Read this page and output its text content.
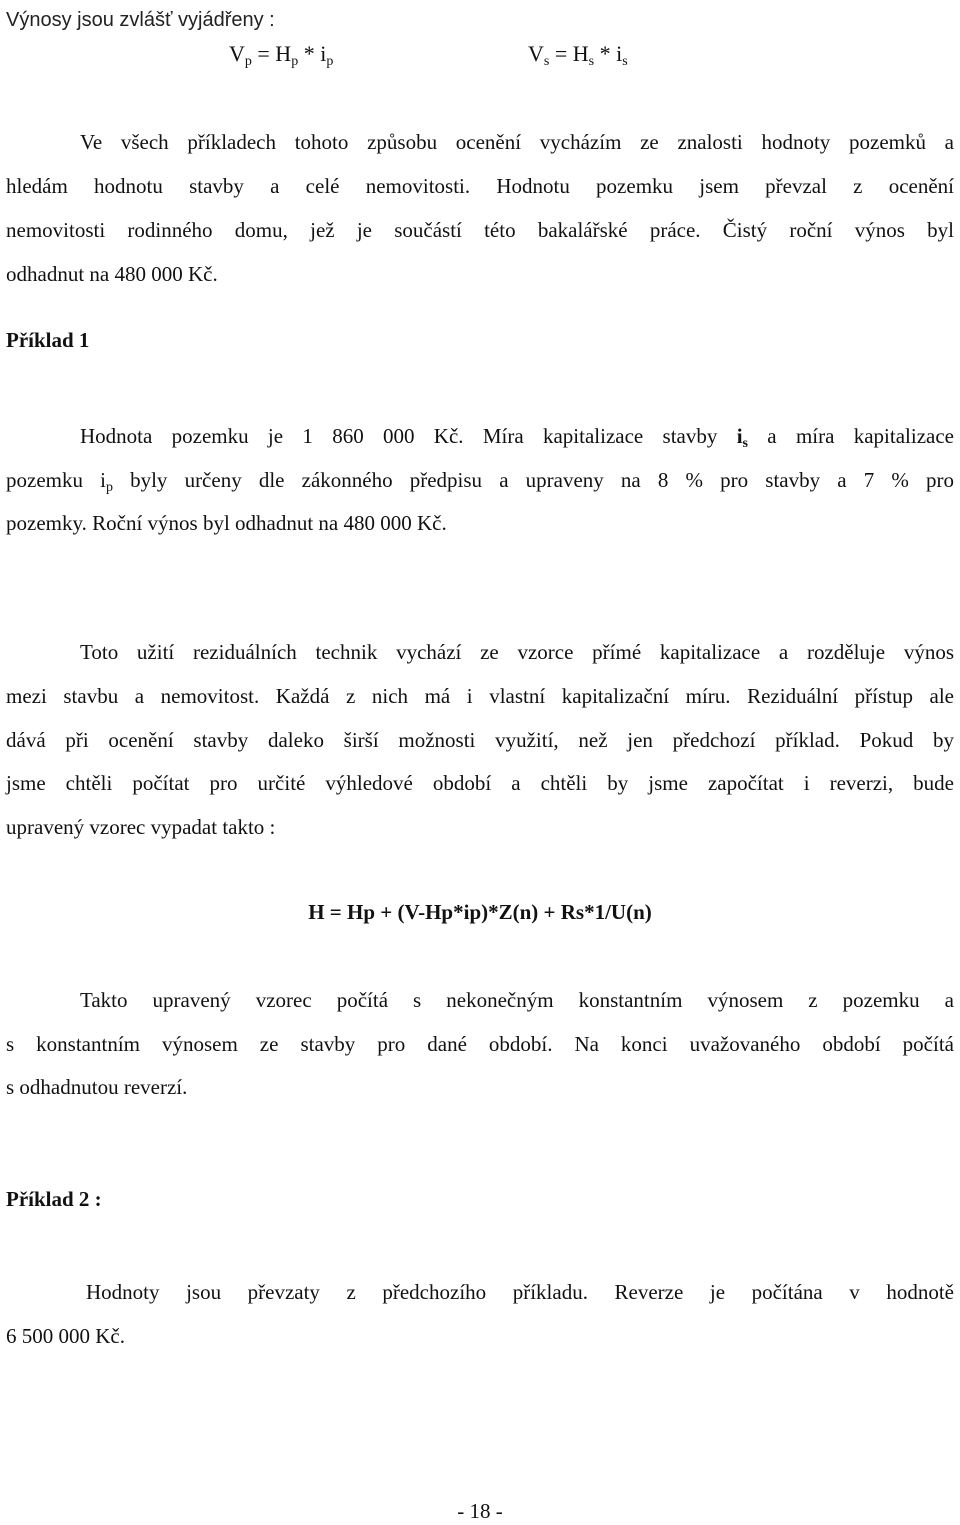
Výnosy jsou zvlášť vyjádřeny :
$V_p = H_p * i_p$	$V_s = H_s * i_s$
Ve všech příkladech tohoto způsobu ocenění vycházím ze znalosti hodnoty pozemků a
hledám hodnotu stavby a celé nemovitosti. Hodnotu pozemku jsem převzal z ocenění
nemovitosti rodinného domu, jež je součástí této bakalářské práce. Čistý roční výnos byl
odhadnut na 480 000 Kč.
Příklad 1
Hodnota pozemku je 1 860 000 Kč. Míra kapitalizace stavby is a míra kapitalizace
pozemku ip byly určeny dle zákonného předpisu a upraveny na 8 % pro stavby a 7 % pro
pozemky. Roční výnos byl odhadnut na 480 000 Kč.
Toto užití reziduálních technik vychází ze vzorce přímé kapitalizace a rozděluje výnos
mezi stavbu a nemovitost. Každá z nich má i vlastní kapitalizační míru. Reziduální přístup ale
dává při ocenění stavby daleko širší možnosti využití, než jen předchozí příklad. Pokud by
jsme chtěli počítat pro určité výhledové období a chtěli by jsme započítat i reverzi, bude
upravený vzorec vypadat takto :
H = Hp + (V-Hp*ip)*Z(n) + Rs*1/U(n)
Takto upravený vzorec počítá s nekonečným konstantním výnosem z pozemku a
s konstantním výnosem ze stavby pro dané období. Na konci uvažovaného období počítá
s odhadnutou reverzí.
Příklad 2 :
Hodnoty jsou převzaty z předchozího příkladu. Reverze je počítána v hodnotě
6 500 000 Kč.
- 18 -
